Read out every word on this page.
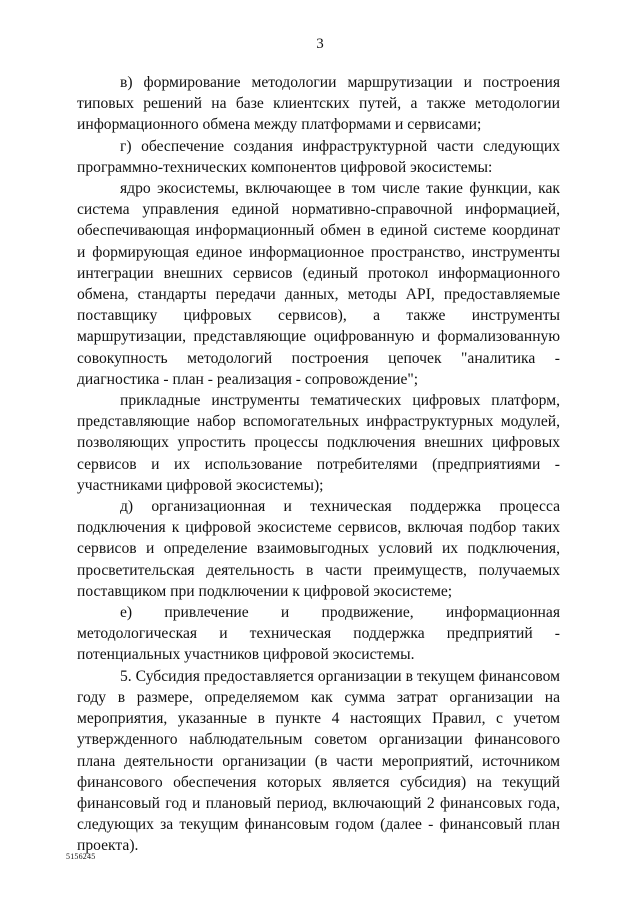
3

в) формирование методологии маршрутизации и построения типовых решений на базе клиентских путей, а также методологии информационного обмена между платформами и сервисами;

г) обеспечение создания инфраструктурной части следующих программно-технических компонентов цифровой экосистемы:

ядро экосистемы, включающее в том числе такие функции, как система управления единой нормативно-справочной информацией, обеспечивающая информационный обмен в единой системе координат и формирующая единое информационное пространство, инструменты интеграции внешних сервисов (единый протокол информационного обмена, стандарты передачи данных, методы API, предоставляемые поставщику цифровых сервисов), а также инструменты маршрутизации, представляющие оцифрованную и формализованную совокупность методологий построения цепочек "аналитика - диагностика - план - реализация - сопровождение";

прикладные инструменты тематических цифровых платформ, представляющие набор вспомогательных инфраструктурных модулей, позволяющих упростить процессы подключения внешних цифровых сервисов и их использование потребителями (предприятиями - участниками цифровой экосистемы);

д) организационная и техническая поддержка процесса подключения к цифровой экосистеме сервисов, включая подбор таких сервисов и определение взаимовыгодных условий их подключения, просветительская деятельность в части преимуществ, получаемых поставщиком при подключении к цифровой экосистеме;

е) привлечение и продвижение, информационная методологическая и техническая поддержка предприятий - потенциальных участников цифровой экосистемы.

5. Субсидия предоставляется организации в текущем финансовом году в размере, определяемом как сумма затрат организации на мероприятия, указанные в пункте 4 настоящих Правил, с учетом утвержденного наблюдательным советом организации финансового плана деятельности организации (в части мероприятий, источником финансового обеспечения которых является субсидия) на текущий финансовый год и плановый период, включающий 2 финансовых года, следующих за текущим финансовым годом (далее - финансовый план проекта).

5156245
